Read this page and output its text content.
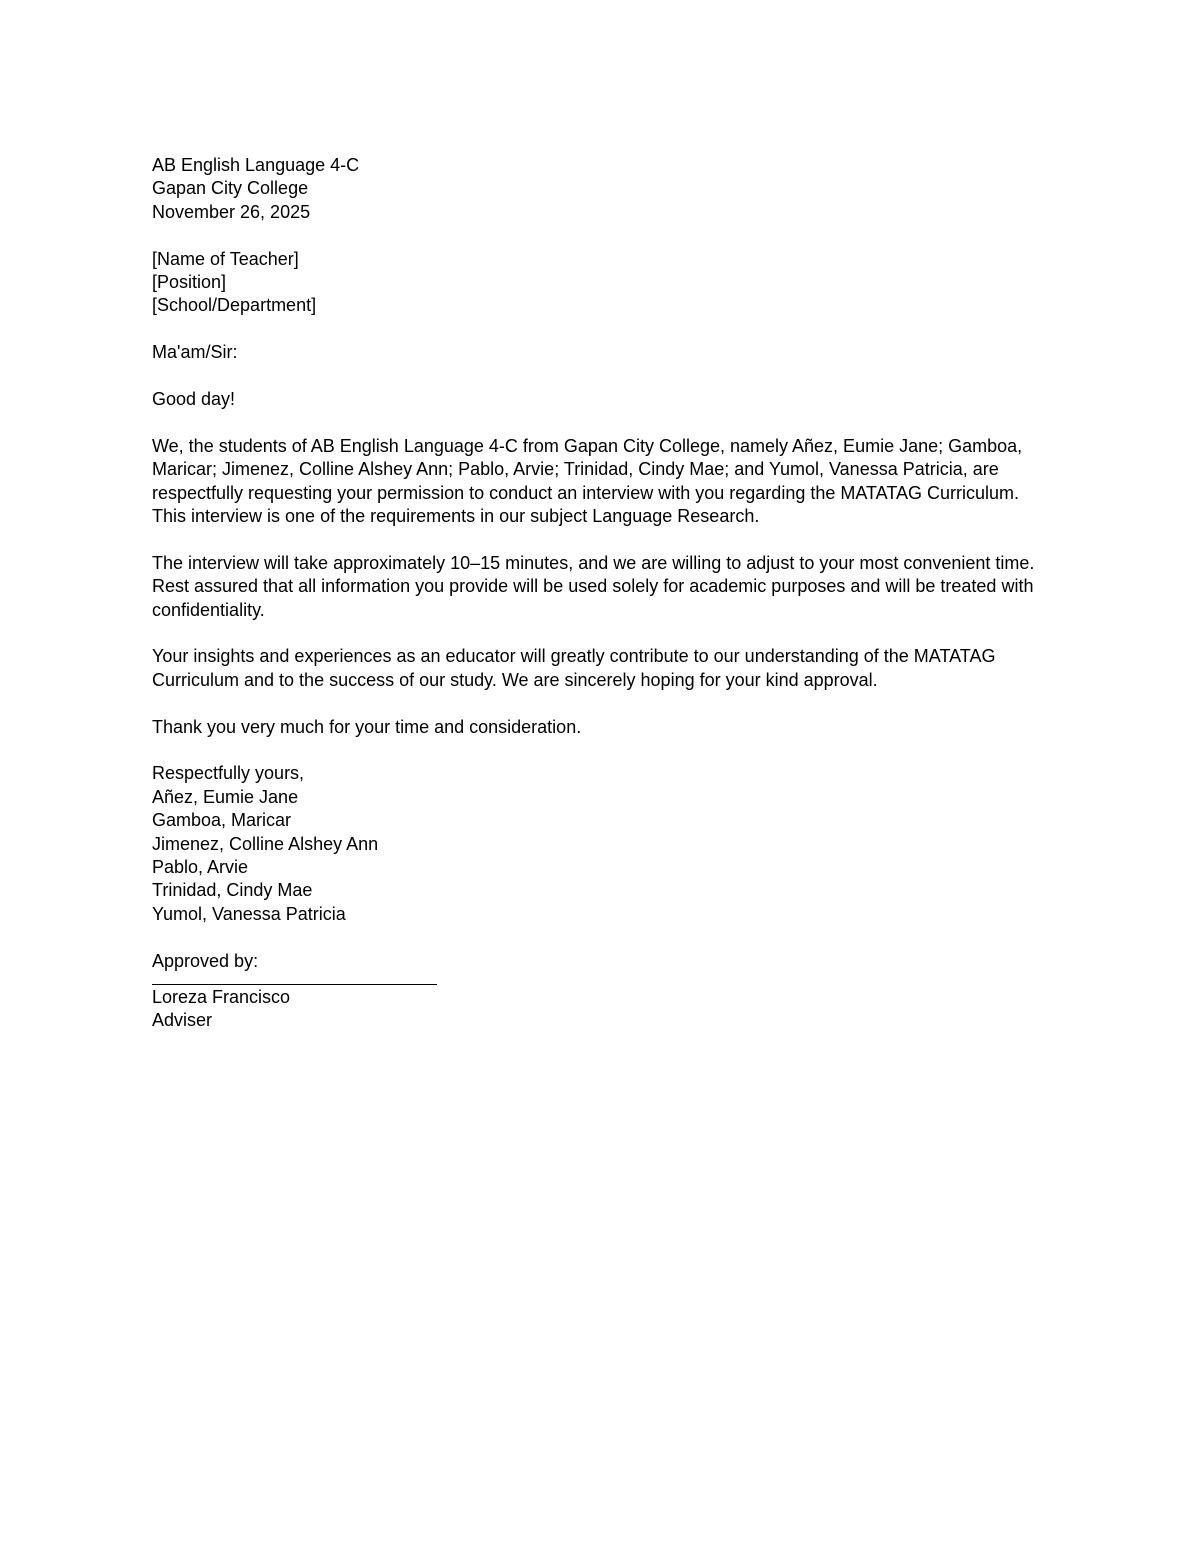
AB English Language 4-C
Gapan City College
November 26, 2025
[Name of Teacher]
[Position]
[School/Department]
Ma'am/Sir:
Good day!

We, the students of AB English Language 4-C from Gapan City College, namely Añez, Eumie Jane; Gamboa, Maricar; Jimenez, Colline Alshey Ann; Pablo, Arvie; Trinidad, Cindy Mae; and Yumol, Vanessa Patricia, are respectfully requesting your permission to conduct an interview with you regarding the MATATAG Curriculum. This interview is one of the requirements in our subject Language Research.

The interview will take approximately 10–15 minutes, and we are willing to adjust to your most convenient time. Rest assured that all information you provide will be used solely for academic purposes and will be treated with confidentiality.

Your insights and experiences as an educator will greatly contribute to our understanding of the MATATAG Curriculum and to the success of our study. We are sincerely hoping for your kind approval.

Thank you very much for your time and consideration.

Respectfully yours,
Añez, Eumie Jane
Gamboa, Maricar
Jimenez, Colline Alshey Ann
Pablo, Arvie
Trinidad, Cindy Mae
Yumol, Vanessa Patricia
Approved by:
Loreza Francisco
Adviser
